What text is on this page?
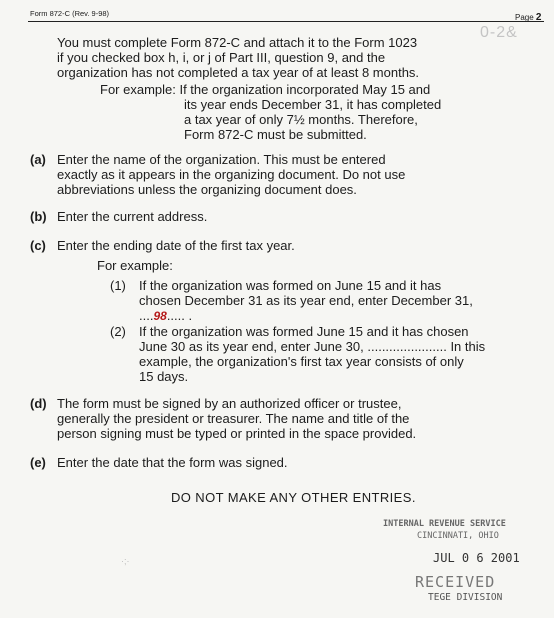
Form 872-C (Rev. 9-98)	Page 2
0-2&
You must complete Form 872-C and attach it to the Form 1023
if you checked box h, i, or j of Part III, question 9, and the
organization has not completed a tax year of at least 8 months.
For example: If the organization incorporated May 15 and
its year ends December 31, it has completed
a tax year of only 7½ months. Therefore,
Form 872-C must be submitted.
(a) Enter the name of the organization. This must be entered
exactly as it appears in the organizing document. Do not use
abbreviations unless the organizing document does.
(b) Enter the current address.
(c) Enter the ending date of the first tax year.
For example:
(1) If the organization was formed on June 15 and it has
chosen December 31 as its year end, enter December 31,
....98..... .
(2) If the organization was formed June 15 and it has chosen
June 30 as its year end, enter June 30, ...................... In this
example, the organization's first tax year consists of only
15 days.
(d) The form must be signed by an authorized officer or trustee,
generally the president or treasurer. The name and title of the
person signing must be typed or printed in the space provided.
(e) Enter the date that the form was signed.
DO NOT MAKE ANY OTHER ENTRIES.
INTERNAL REVENUE SERVICE
CINCINNATI, OHIO
JUL 0 6 2001
RECEIVED
TEGE DIVISION
·;·
